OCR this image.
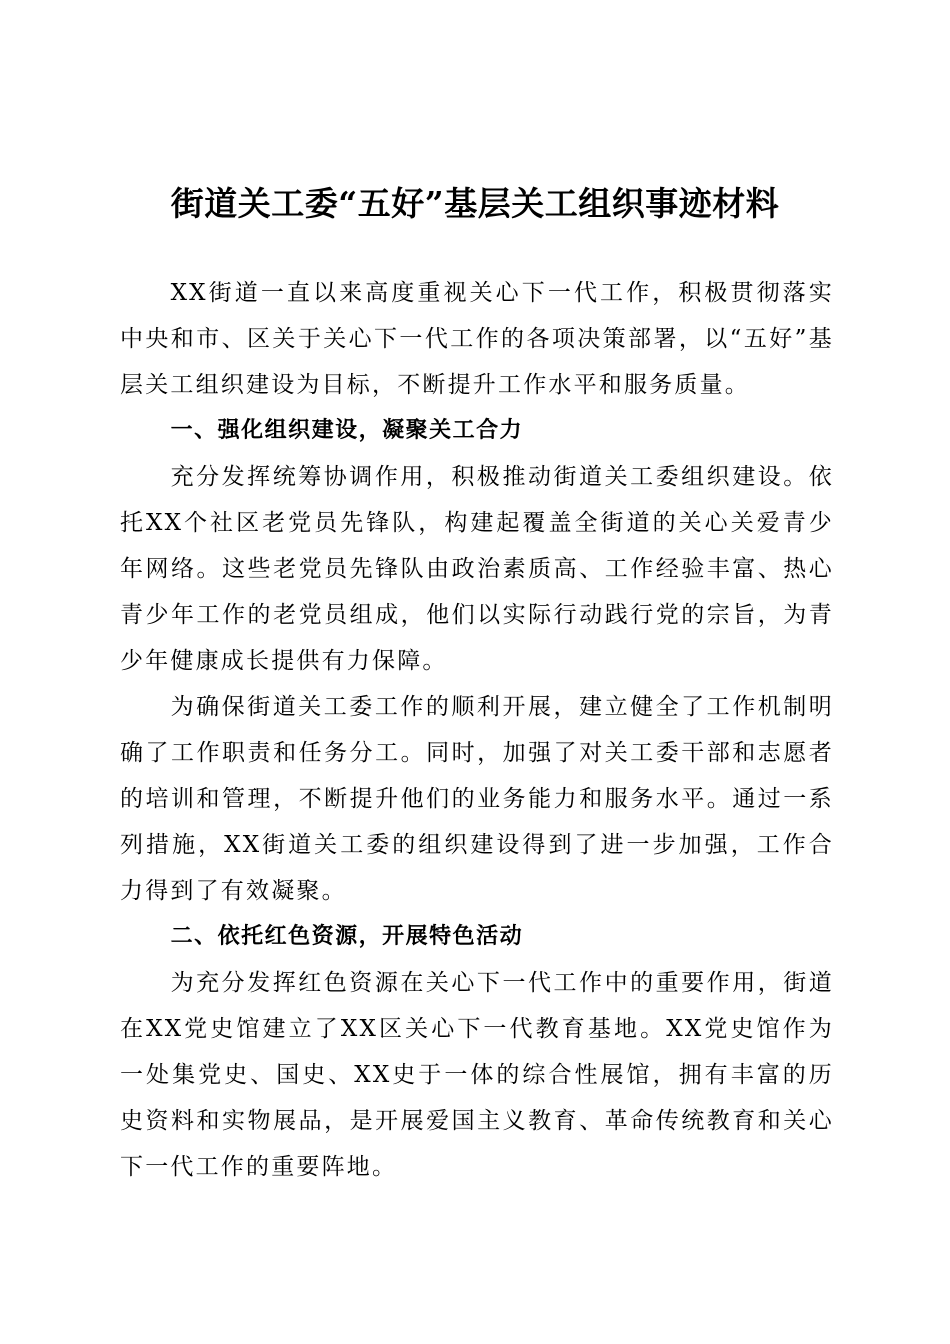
街道关工委“五好”基层关工组织事迹材料

XX街道一直以来高度重视关心下一代工作，积极贯彻落实中央和市、区关于关心下一代工作的各项决策部署，以“五好”基层关工组织建设为目标，不断提升工作水平和服务质量。

一、强化组织建设，凝聚关工合力

充分发挥统筹协调作用，积极推动街道关工委组织建设。依托XX个社区老党员先锋队，构建起覆盖全街道的关心关爱青少年网络。这些老党员先锋队由政治素质高、工作经验丰富、热心青少年工作的老党员组成，他们以实际行动践行党的宗旨，为青少年健康成长提供有力保障。

为确保街道关工委工作的顺利开展，建立健全了工作机制明确了工作职责和任务分工。同时，加强了对关工委干部和志愿者的培训和管理，不断提升他们的业务能力和服务水平。通过一系列措施，XX街道关工委的组织建设得到了进一步加强，工作合力得到了有效凝聚。

二、依托红色资源，开展特色活动

为充分发挥红色资源在关心下一代工作中的重要作用，街道在XX党史馆建立了XX区关心下一代教育基地。XX党史馆作为一处集党史、国史、XX史于一体的综合性展馆，拥有丰富的历史资料和实物展品，是开展爱国主义教育、革命传统教育和关心下一代工作的重要阵地。
